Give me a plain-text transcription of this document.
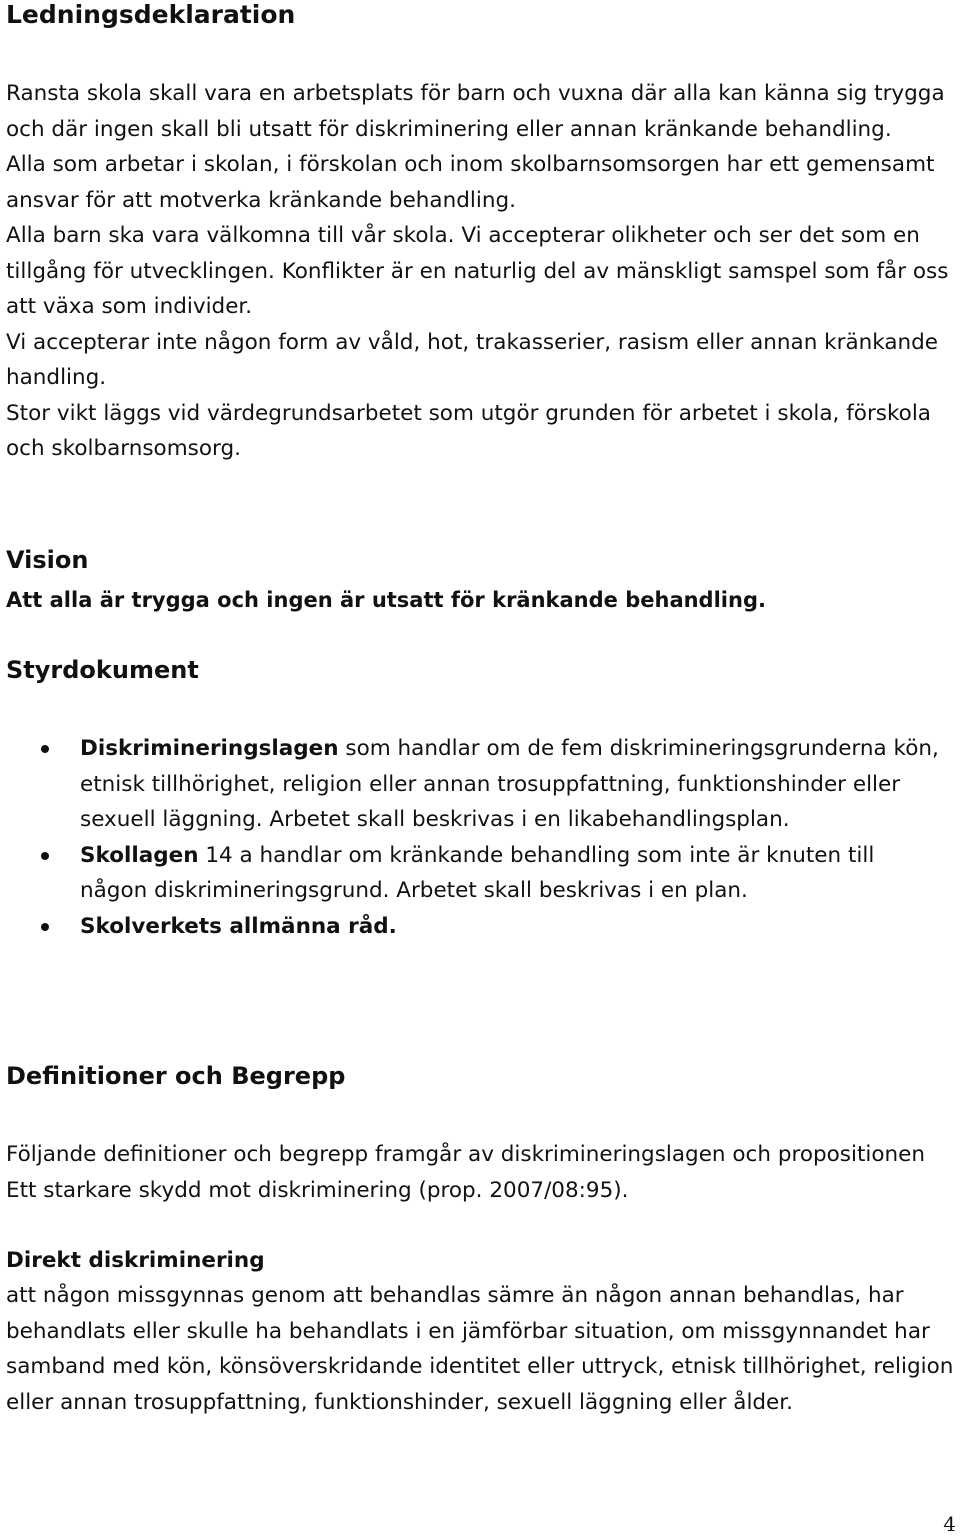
Ledningsdeklaration

Ransta skola skall vara en arbetsplats för barn och vuxna där alla kan känna sig trygga och där ingen skall bli utsatt för diskriminering eller annan kränkande behandling.
Alla som arbetar i skolan, i förskolan och inom skolbarnsomsorgen har ett gemensamt ansvar för att motverka kränkande behandling.
Alla barn ska vara välkomna till vår skola. Vi accepterar olikheter och ser det som en tillgång för utvecklingen. Konflikter är en naturlig del av mänskligt samspel som får oss att växa som individer.
Vi accepterar inte någon form av våld, hot, trakasserier, rasism eller annan kränkande handling.
Stor vikt läggs vid värdegrundsarbetet som utgör grunden för arbetet i skola, förskola och skolbarnsomsorg.

Vision

Att alla är trygga och ingen är utsatt för kränkande behandling.

Styrdokument
Diskrimineringslagen som handlar om de fem diskrimineringsgrunderna kön, etnisk tillhörighet, religion eller annan trosuppfattning, funktionshinder eller sexuell läggning. Arbetet skall beskrivas i en likabehandlingsplan.
Skollagen 14 a handlar om kränkande behandling som inte är knuten till någon diskrimineringsgrund. Arbetet skall beskrivas i en plan.
Skolverkets allmänna råd.
Definitioner och Begrepp

Följande definitioner och begrepp framgår av diskrimineringslagen och propositionen Ett starkare skydd mot diskriminering (prop. 2007/08:95).

Direkt diskriminering

att någon missgynnas genom att behandlas sämre än någon annan behandlas, har behandlats eller skulle ha behandlats i en jämförbar situation, om missgynnandet har samband med kön, könsöverskridande identitet eller uttryck, etnisk tillhörighet, religion eller annan trosuppfattning, funktionshinder, sexuell läggning eller ålder.

4
